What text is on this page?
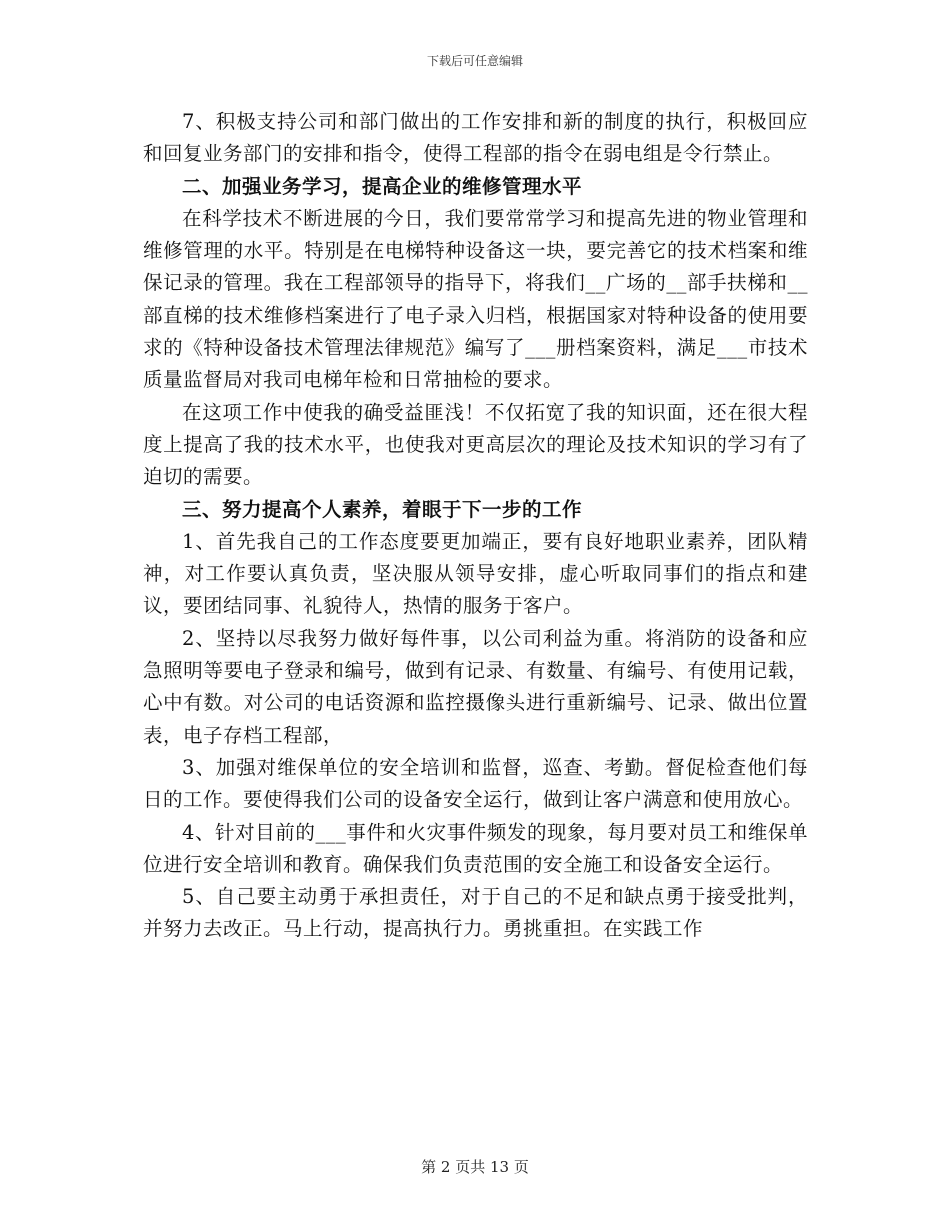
下载后可任意编辑

7、积极支持公司和部门做出的工作安排和新的制度的执行，积极回应和回复业务部门的安排和指令，使得工程部的指令在弱电组是令行禁止。

二、加强业务学习，提高企业的维修管理水平

在科学技术不断进展的今日，我们要常常学习和提高先进的物业管理和维修管理的水平。特别是在电梯特种设备这一块，要完善它的技术档案和维保记录的管理。我在工程部领导的指导下，将我们__广场的__部手扶梯和__部直梯的技术维修档案进行了电子录入归档，根据国家对特种设备的使用要求的《特种设备技术管理法律规范》编写了___册档案资料，满足___市技术质量监督局对我司电梯年检和日常抽检的要求。

在这项工作中使我的确受益匪浅！不仅拓宽了我的知识面，还在很大程度上提高了我的技术水平，也使我对更高层次的理论及技术知识的学习有了迫切的需要。

三、努力提高个人素养，着眼于下一步的工作

1、首先我自己的工作态度要更加端正，要有良好地职业素养，团队精神，对工作要认真负责，坚决服从领导安排，虚心听取同事们的指点和建议，要团结同事、礼貌待人，热情的服务于客户。

2、坚持以尽我努力做好每件事，以公司利益为重。将消防的设备和应急照明等要电子登录和编号，做到有记录、有数量、有编号、有使用记载，心中有数。对公司的电话资源和监控摄像头进行重新编号、记录、做出位置表，电子存档工程部，

3、加强对维保单位的安全培训和监督，巡查、考勤。督促检查他们每日的工作。要使得我们公司的设备安全运行，做到让客户满意和使用放心。

4、针对目前的___事件和火灾事件频发的现象，每月要对员工和维保单位进行安全培训和教育。确保我们负责范围的安全施工和设备安全运行。

5、自己要主动勇于承担责任，对于自己的不足和缺点勇于接受批判，并努力去改正。马上行动，提高执行力。勇挑重担。在实践工作

第 2 页共 13 页
